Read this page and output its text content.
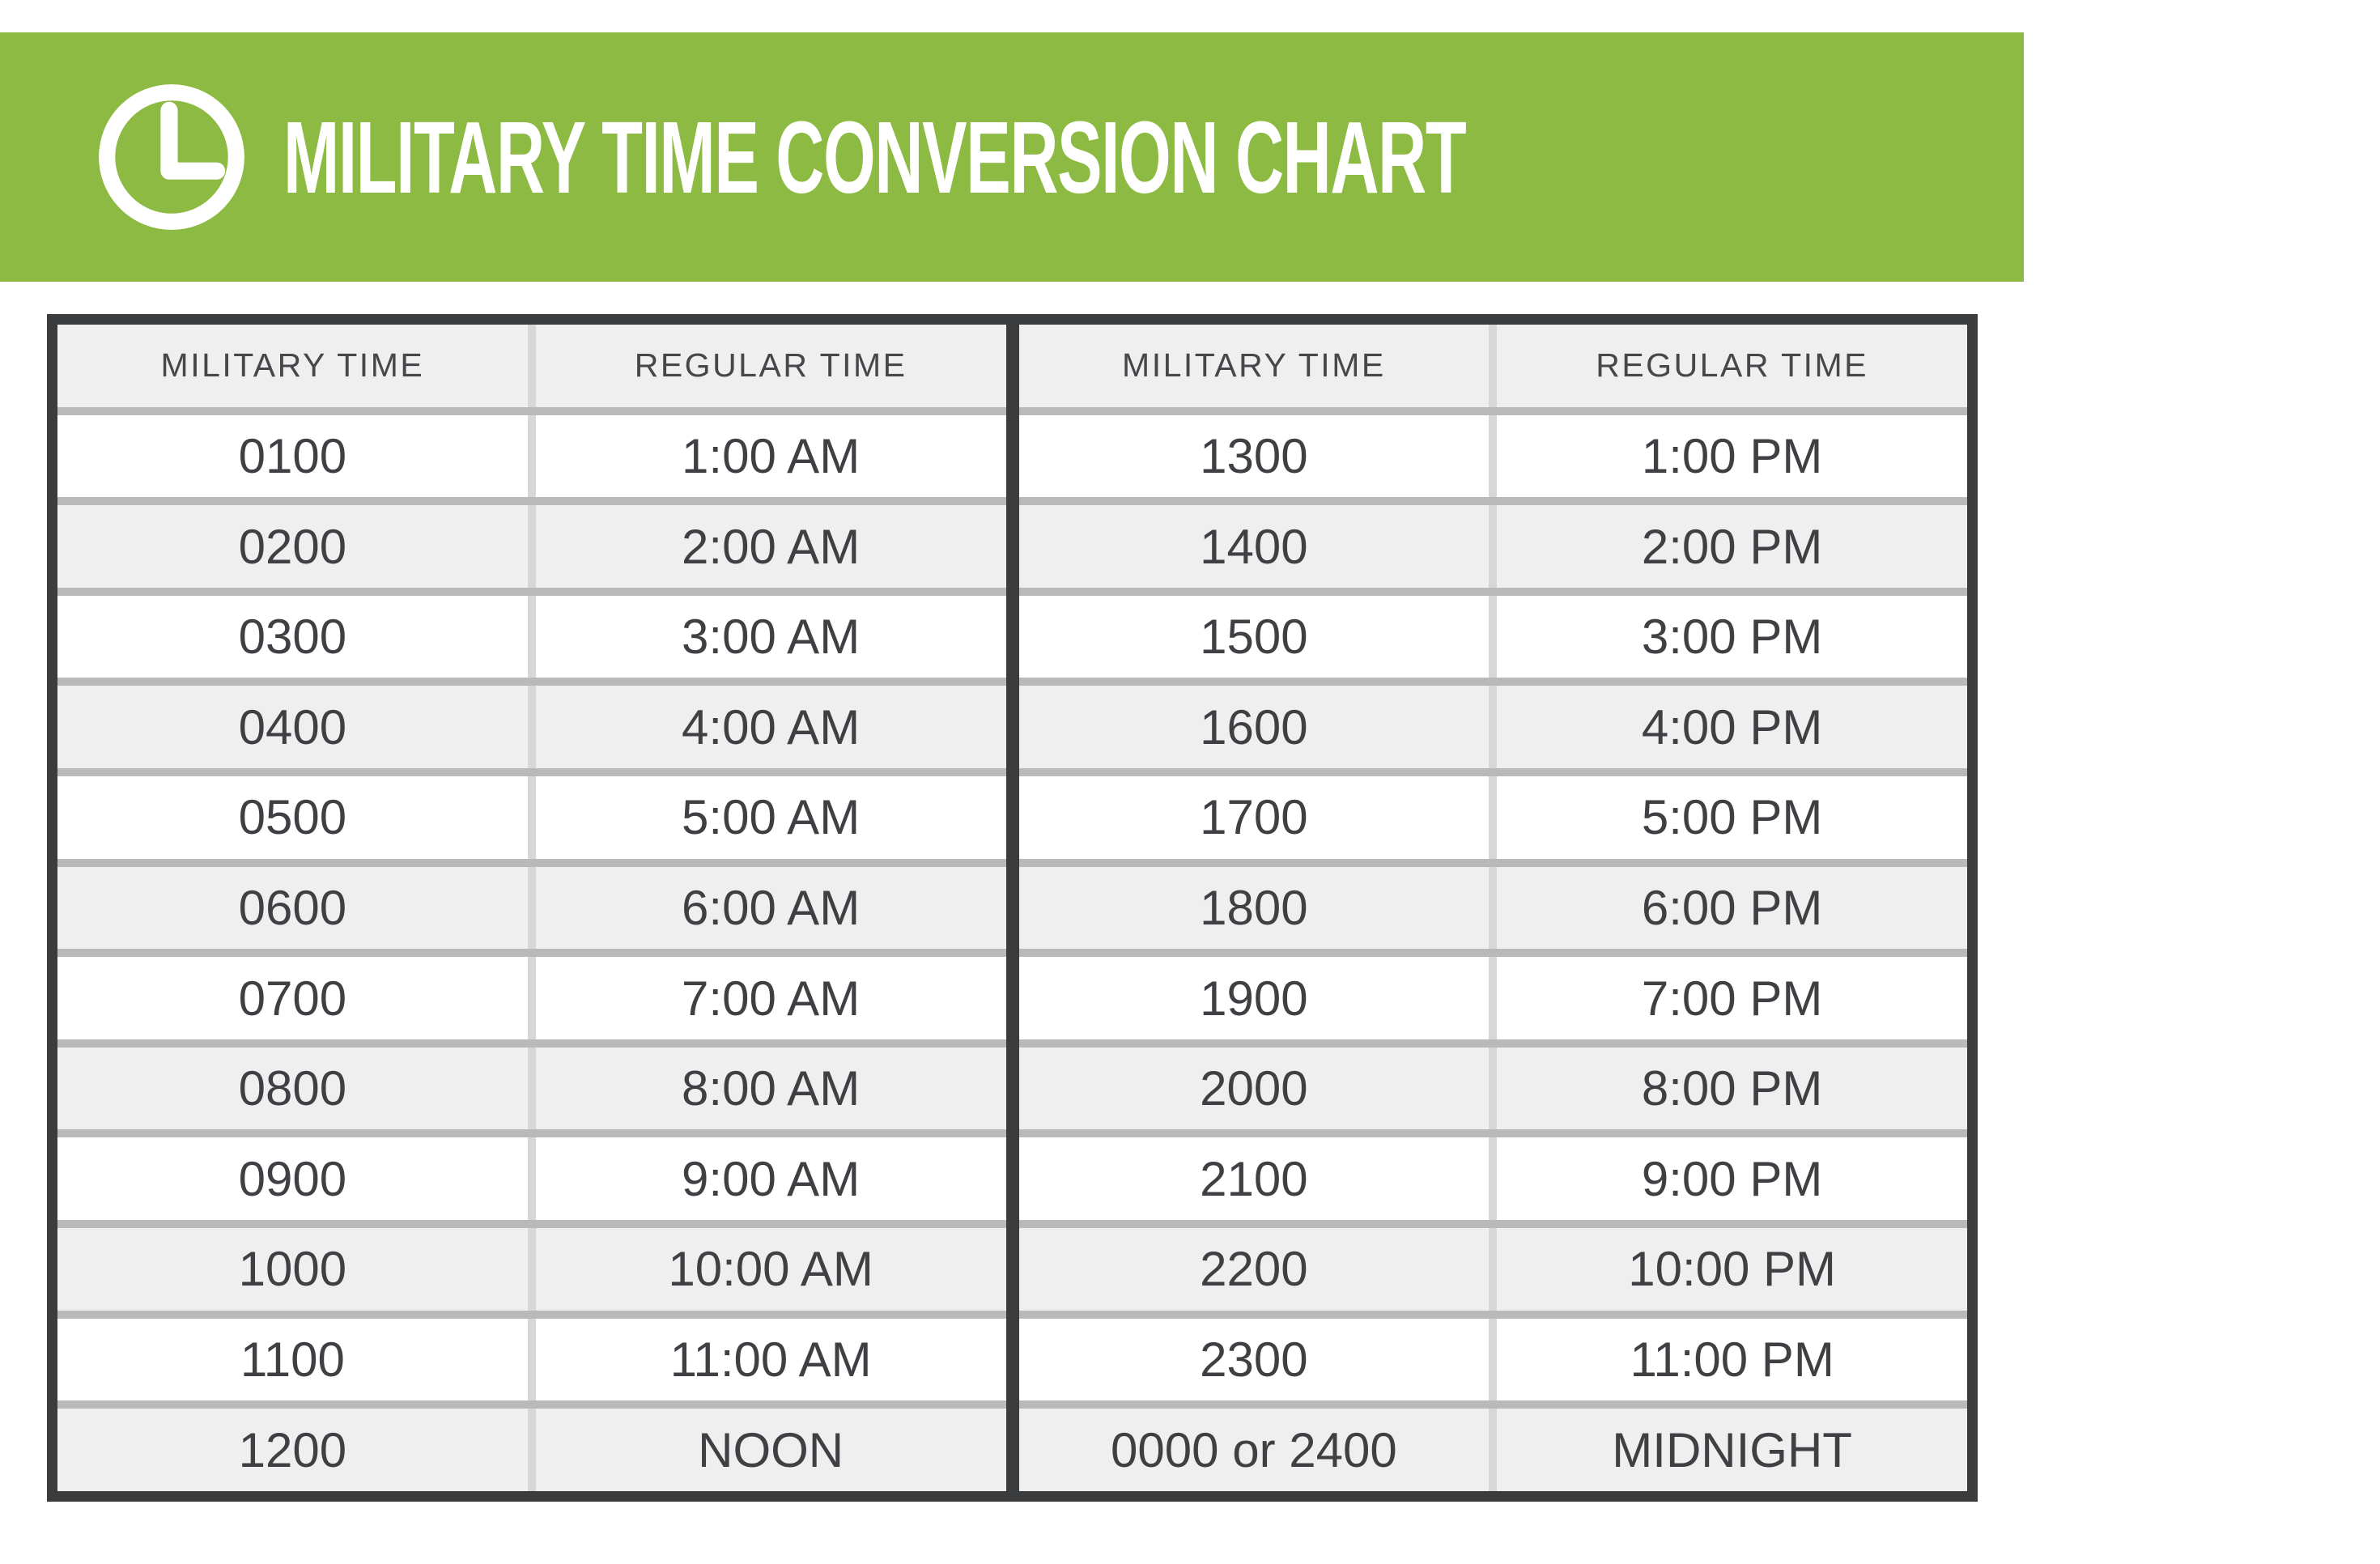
MILITARY TIME CONVERSION CHART	medical
solutions®
MILITARY TIME	REGULAR TIME
0100	1:00 AM
0200	2:00 AM
0300	3:00 AM
0400	4:00 AM
0500	5:00 AM
0600	6:00 AM
0700	7:00 AM
0800	8:00 AM
0900	9:00 AM
1000	10:00 AM
1100	11:00 AM
1200	NOON
MILITARY TIME	REGULAR TIME
1300	1:00 PM
1400	2:00 PM
1500	3:00 PM
1600	4:00 PM
1700	5:00 PM
1800	6:00 PM
1900	7:00 PM
2000	8:00 PM
2100	9:00 PM
2200	10:00 PM
2300	11:00 PM
0000 or 2400	MIDNIGHT
